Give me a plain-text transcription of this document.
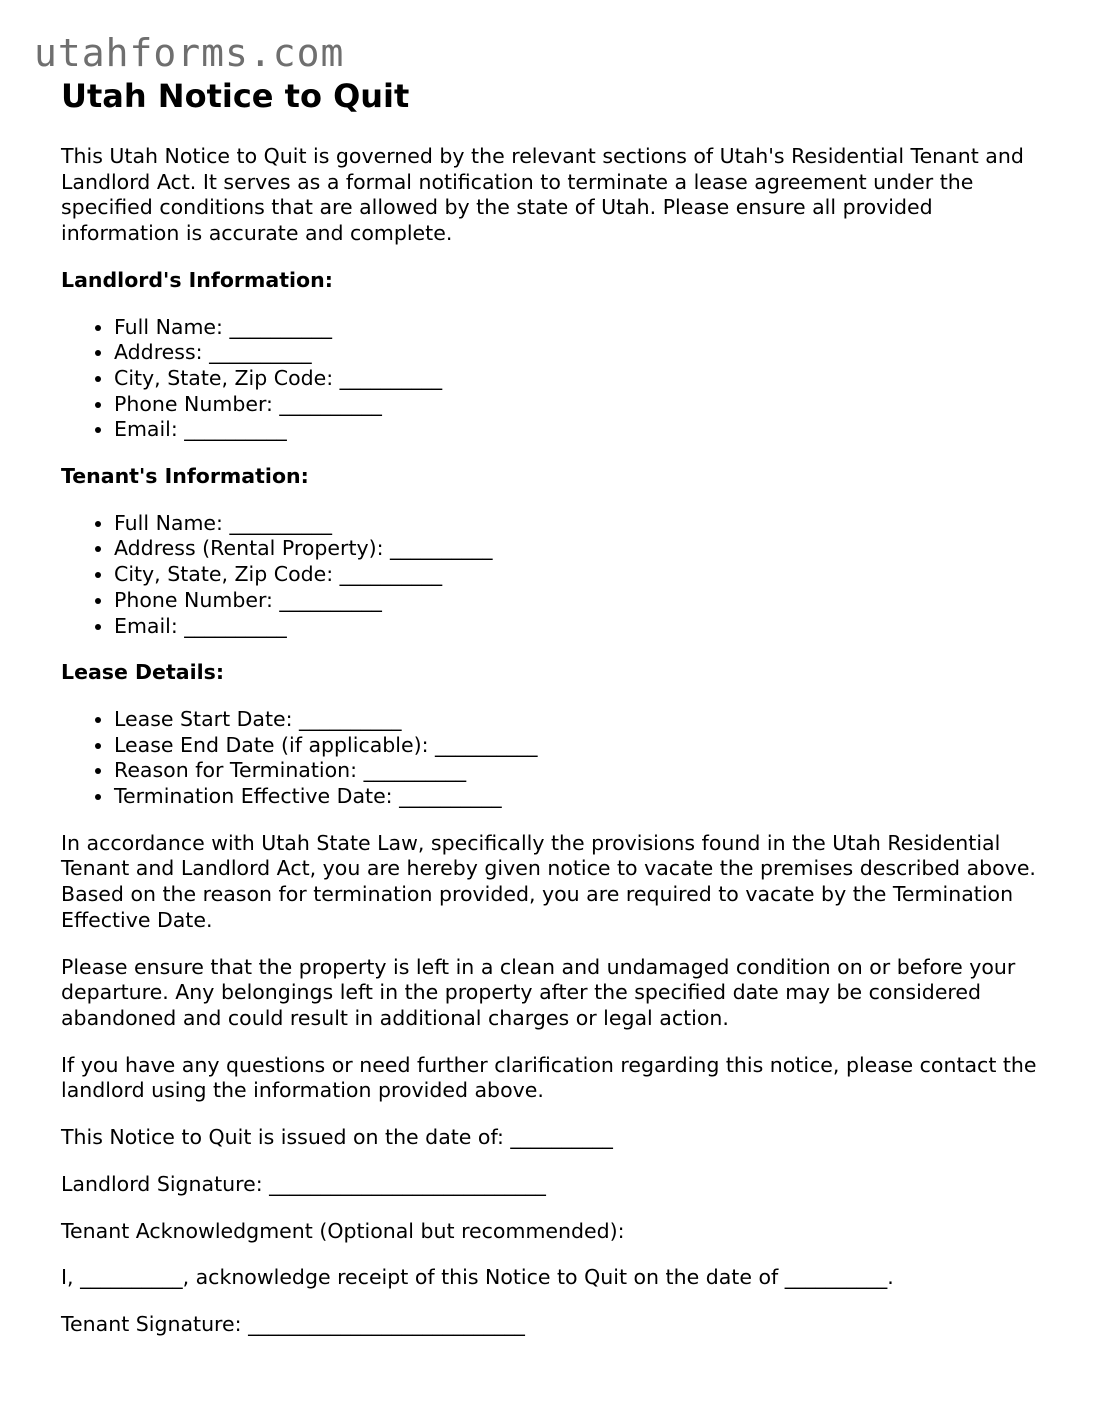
utahforms.com
Utah Notice to Quit

This Utah Notice to Quit is governed by the relevant sections of Utah's Residential Tenant and Landlord Act. It serves as a formal notification to terminate a lease agreement under the specified conditions that are allowed by the state of Utah. Please ensure all provided information is accurate and complete.

Landlord's Information:
• Full Name: __________
• Address: __________
• City, State, Zip Code: __________
• Phone Number: __________
• Email: __________
Tenant's Information:
• Full Name: __________
• Address (Rental Property): __________
• City, State, Zip Code: __________
• Phone Number: __________
• Email: __________
Lease Details:
• Lease Start Date: __________
• Lease End Date (if applicable): __________
• Reason for Termination: __________
• Termination Effective Date: __________

In accordance with Utah State Law, specifically the provisions found in the Utah Residential Tenant and Landlord Act, you are hereby given notice to vacate the premises described above. Based on the reason for termination provided, you are required to vacate by the Termination Effective Date.

Please ensure that the property is left in a clean and undamaged condition on or before your departure. Any belongings left in the property after the specified date may be considered abandoned and could result in additional charges or legal action.

If you have any questions or need further clarification regarding this notice, please contact the landlord using the information provided above.

This Notice to Quit is issued on the date of: __________

Landlord Signature: ___________________________

Tenant Acknowledgment (Optional but recommended):

I, __________, acknowledge receipt of this Notice to Quit on the date of __________.

Tenant Signature: ___________________________
